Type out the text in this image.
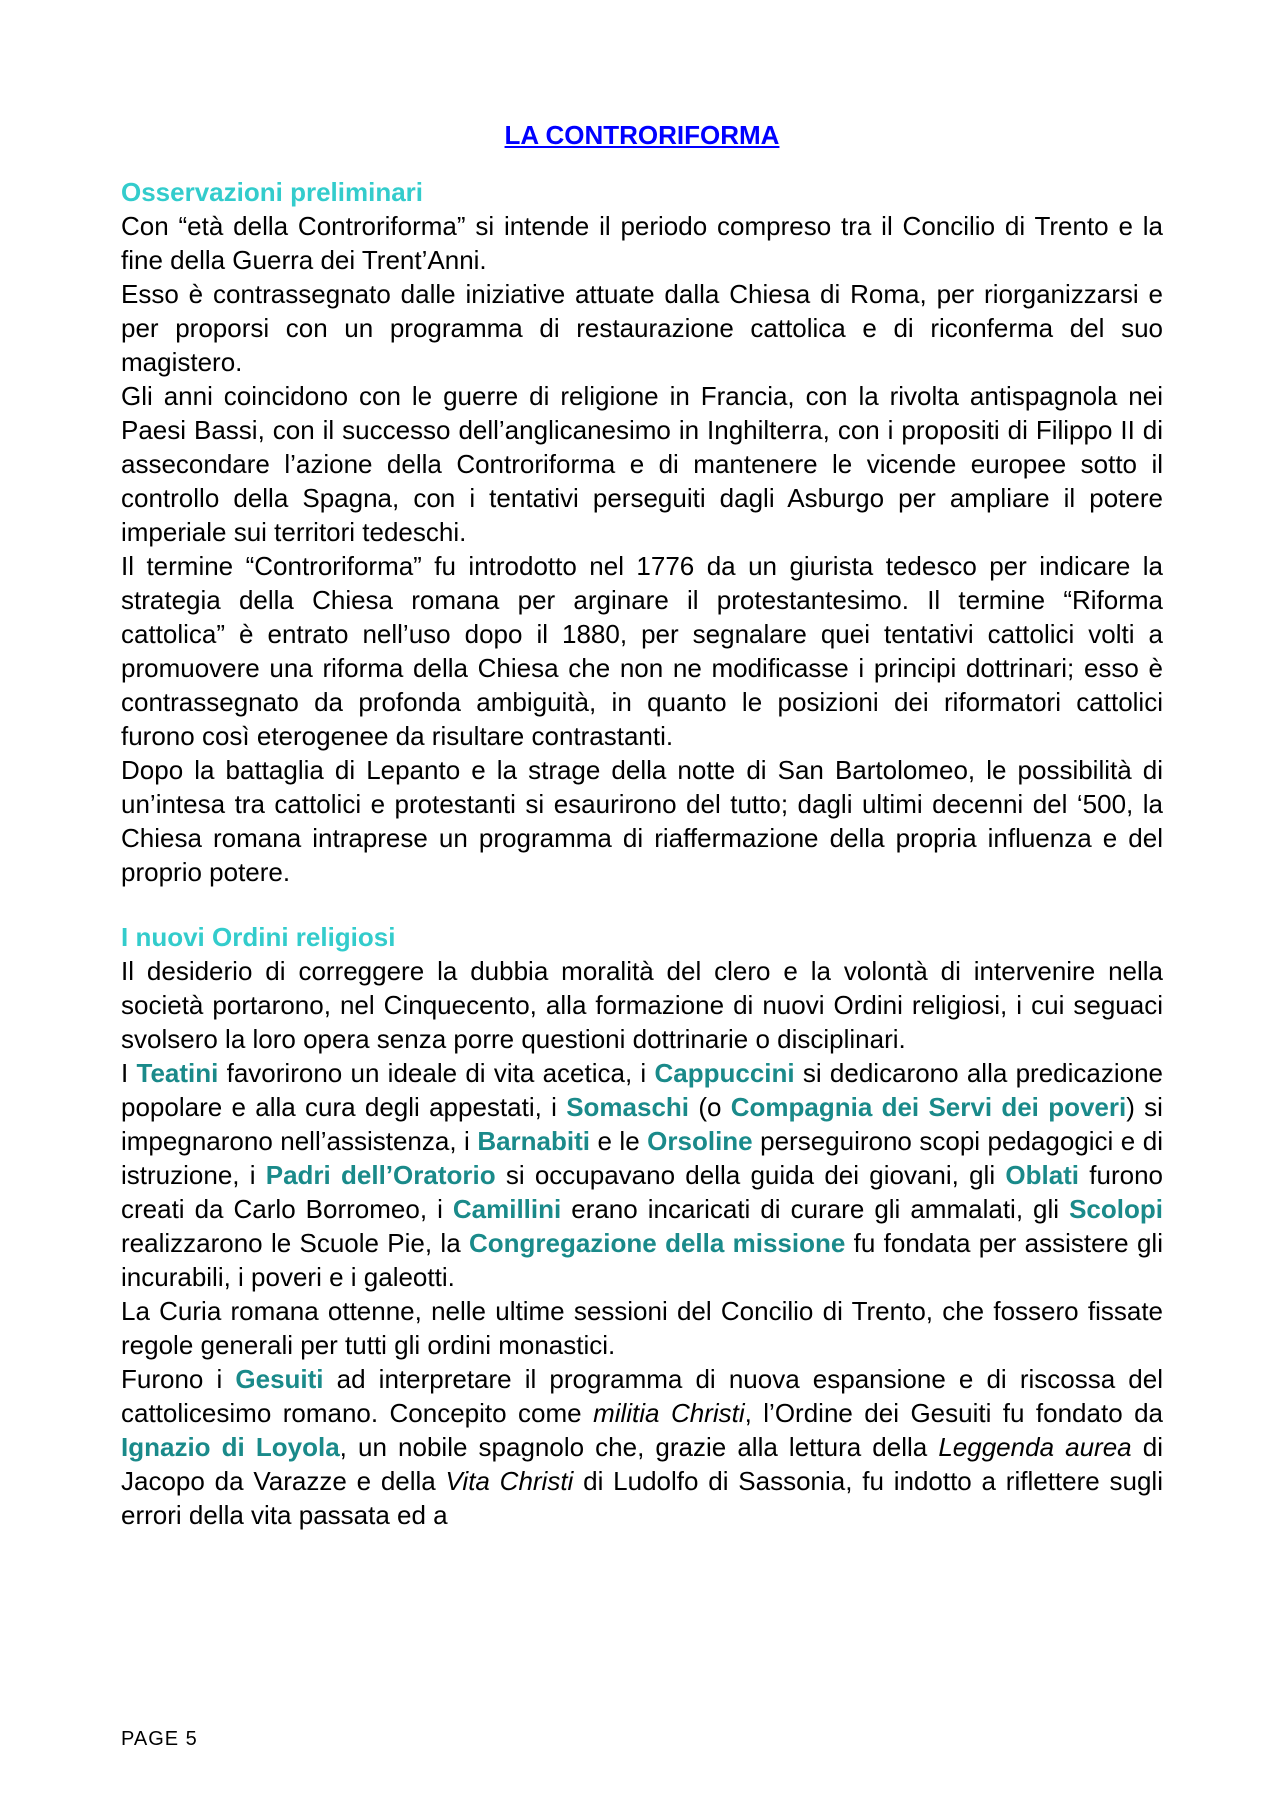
LA CONTRORIFORMA
Osservazioni preliminari

Con “età della Controriforma” si intende il periodo compreso tra il Concilio di Trento e la fine della Guerra dei Trent’Anni.

Esso è contrassegnato dalle iniziative attuate dalla Chiesa di Roma, per riorganizzarsi e per proporsi con un programma di restaurazione cattolica e di riconferma del suo magistero.

Gli anni coincidono con le guerre di religione in Francia, con la rivolta antispagnola nei Paesi Bassi, con il successo dell’anglicanesimo in Inghilterra, con i propositi di Filippo II di assecondare l’azione della Controriforma e di mantenere le vicende europee sotto il controllo della Spagna, con i tentativi perseguiti dagli Asburgo per ampliare il potere imperiale sui territori tedeschi.

Il termine “Controriforma” fu introdotto nel 1776 da un giurista tedesco per indicare la strategia della Chiesa romana per arginare il protestantesimo. Il termine “Riforma cattolica” è entrato nell’uso dopo il 1880, per segnalare quei tentativi cattolici volti a promuovere una riforma della Chiesa che non ne modificasse i principi dottrinari; esso è contrassegnato da profonda ambiguità, in quanto le posizioni dei riformatori cattolici furono così eterogenee da risultare contrastanti.

Dopo la battaglia di Lepanto e la strage della notte di San Bartolomeo, le possibilità di un’intesa tra cattolici e protestanti si esaurirono del tutto; dagli ultimi decenni del ‘500, la Chiesa romana intraprese un programma di riaffermazione della propria influenza e del proprio potere.

I nuovi Ordini religiosi

Il desiderio di correggere la dubbia moralità del clero e la volontà di intervenire nella società portarono, nel Cinquecento, alla formazione di nuovi Ordini religiosi, i cui seguaci svolsero la loro opera senza porre questioni dottrinarie o disciplinari.

I Teatini favorirono un ideale di vita acetica, i Cappuccini si dedicarono alla predicazione popolare e alla cura degli appestati, i Somaschi (o Compagnia dei Servi dei poveri) si impegnarono nell’assistenza, i Barnabiti e le Orsoline perseguirono scopi pedagogici e di istruzione, i Padri dell’Oratorio si occupavano della guida dei giovani, gli Oblati furono creati da Carlo Borromeo, i Camillini erano incaricati di curare gli ammalati, gli Scolopi realizzarono le Scuole Pie, la Congregazione della missione fu fondata per assistere gli incurabili, i poveri e i galeotti.

La Curia romana ottenne, nelle ultime sessioni del Concilio di Trento, che fossero fissate regole generali per tutti gli ordini monastici.

Furono i Gesuiti ad interpretare il programma di nuova espansione e di riscossa del cattolicesimo romano. Concepito come militia Christi, l’Ordine dei Gesuiti fu fondato da Ignazio di Loyola, un nobile spagnolo che, grazie alla lettura della Leggenda aurea di Jacopo da Varazze e della Vita Christi di Ludolfo di Sassonia, fu indotto a riflettere sugli errori della vita passata ed a

PAGE 5
